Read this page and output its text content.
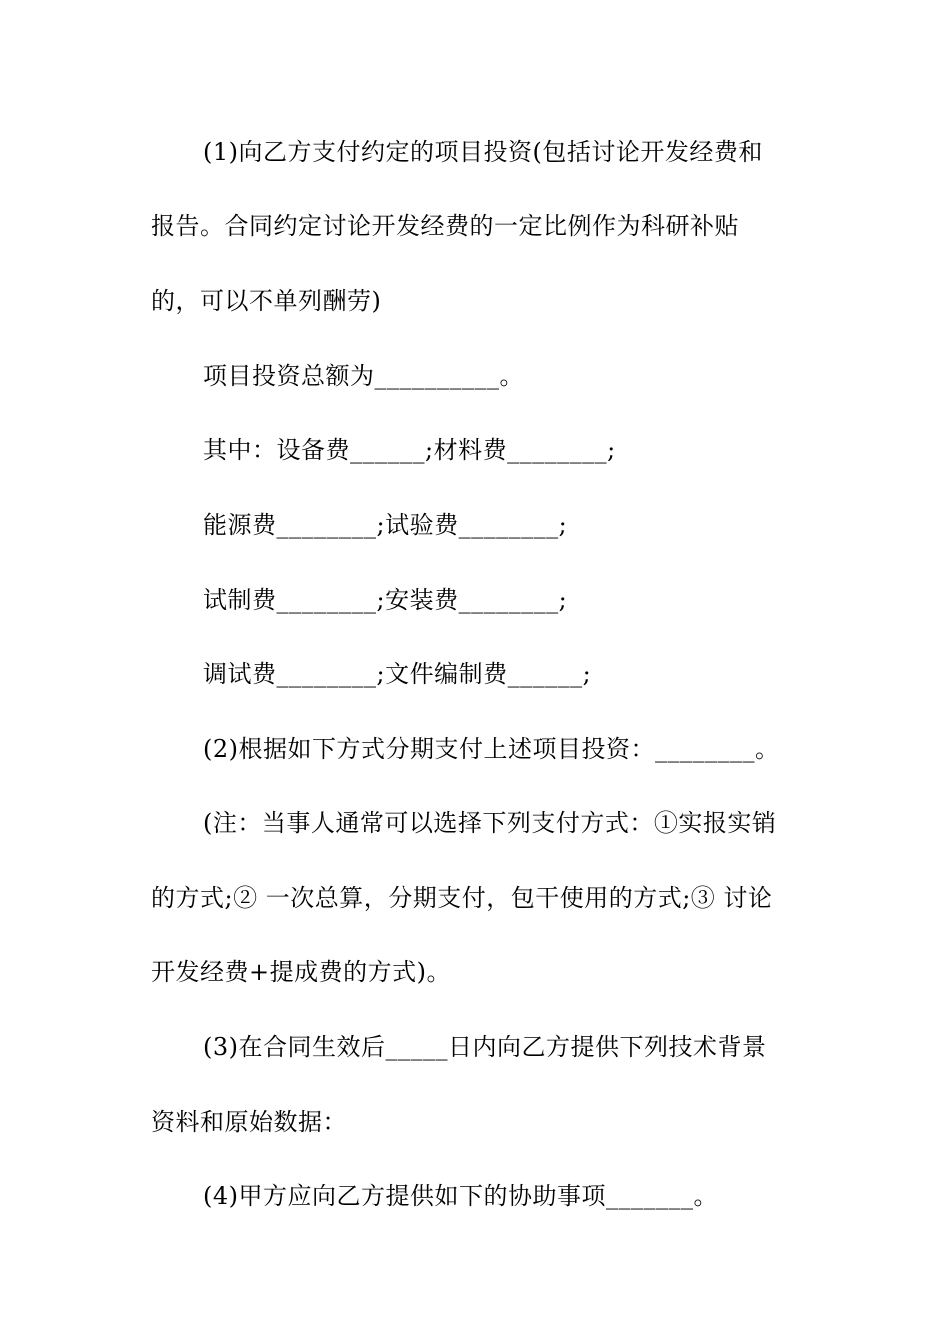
(1)向乙方支付约定的项目投资(包括讨论开发经费和
报告。合同约定讨论开发经费的一定比例作为科研补贴
的，可以不单列酬劳)
项目投资总额为__________。
其中：设备费______;材料费________;
能源费________;试验费________;
试制费________;安装费________;
调试费________;文件编制费______;
(2)根据如下方式分期支付上述项目投资：________。
(注：当事人通常可以选择下列支付方式：①实报实销
的方式;② 一次总算，分期支付，包干使用的方式;③ 讨论
开发经费+提成费的方式)。
(3)在合同生效后_____日内向乙方提供下列技术背景
资料和原始数据：
(4)甲方应向乙方提供如下的协助事项_______。
